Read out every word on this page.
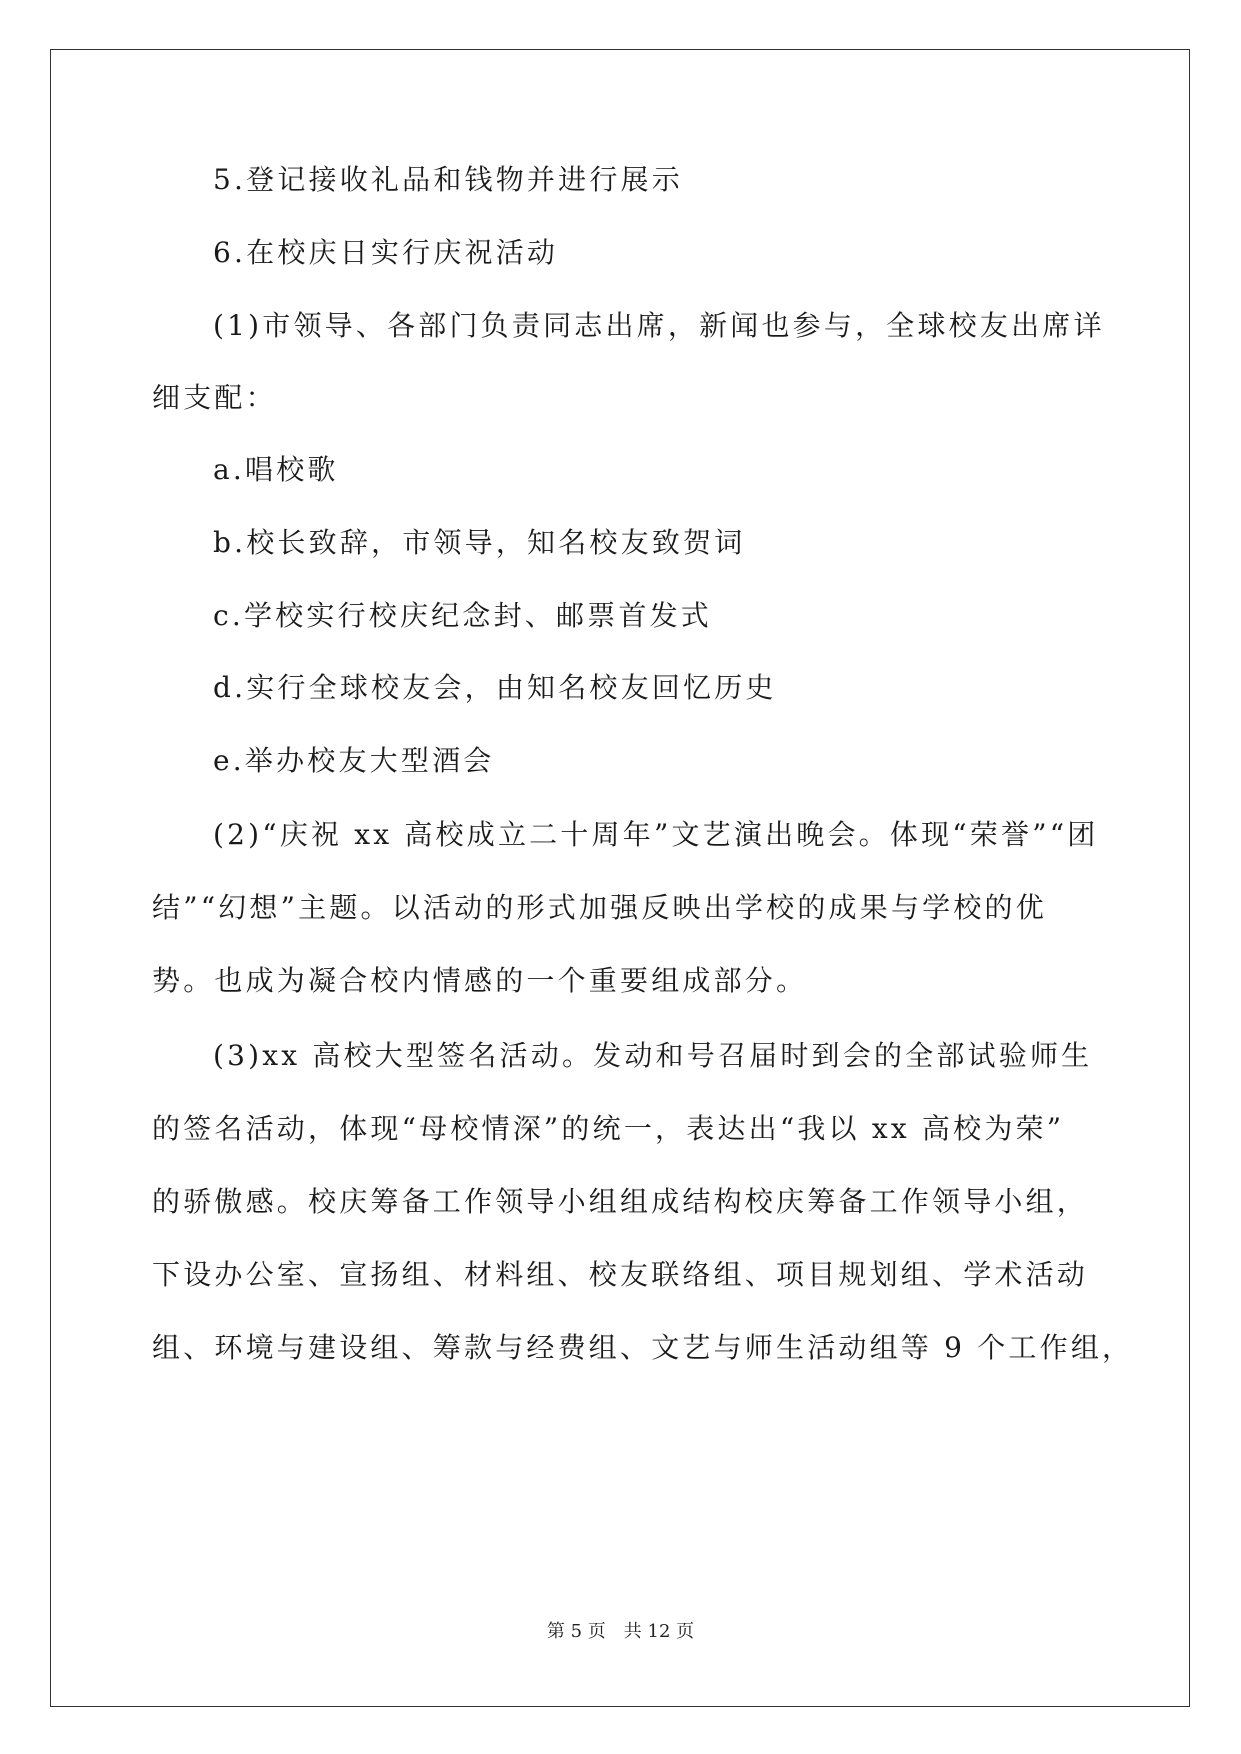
5.登记接收礼品和钱物并进行展示
6.在校庆日实行庆祝活动
(1)市领导、各部门负责同志出席，新闻也参与，全球校友出席详
细支配：
a.唱校歌
b.校长致辞，市领导，知名校友致贺词
c.学校实行校庆纪念封、邮票首发式
d.实行全球校友会，由知名校友回忆历史
e.举办校友大型酒会
(2)“庆祝 xx 高校成立二十周年”文艺演出晚会。体现“荣誉”“团
结”“幻想”主题。以活动的形式加强反映出学校的成果与学校的优
势。也成为凝合校内情感的一个重要组成部分。
(3)xx 高校大型签名活动。发动和号召届时到会的全部试验师生
的签名活动，体现“母校情深”的统一，表达出“我以 xx 高校为荣”
的骄傲感。校庆筹备工作领导小组组成结构校庆筹备工作领导小组，
下设办公室、宣扬组、材料组、校友联络组、项目规划组、学术活动
组、环境与建设组、筹款与经费组、文艺与师生活动组等 9 个工作组，
第 5 页　共 12 页
